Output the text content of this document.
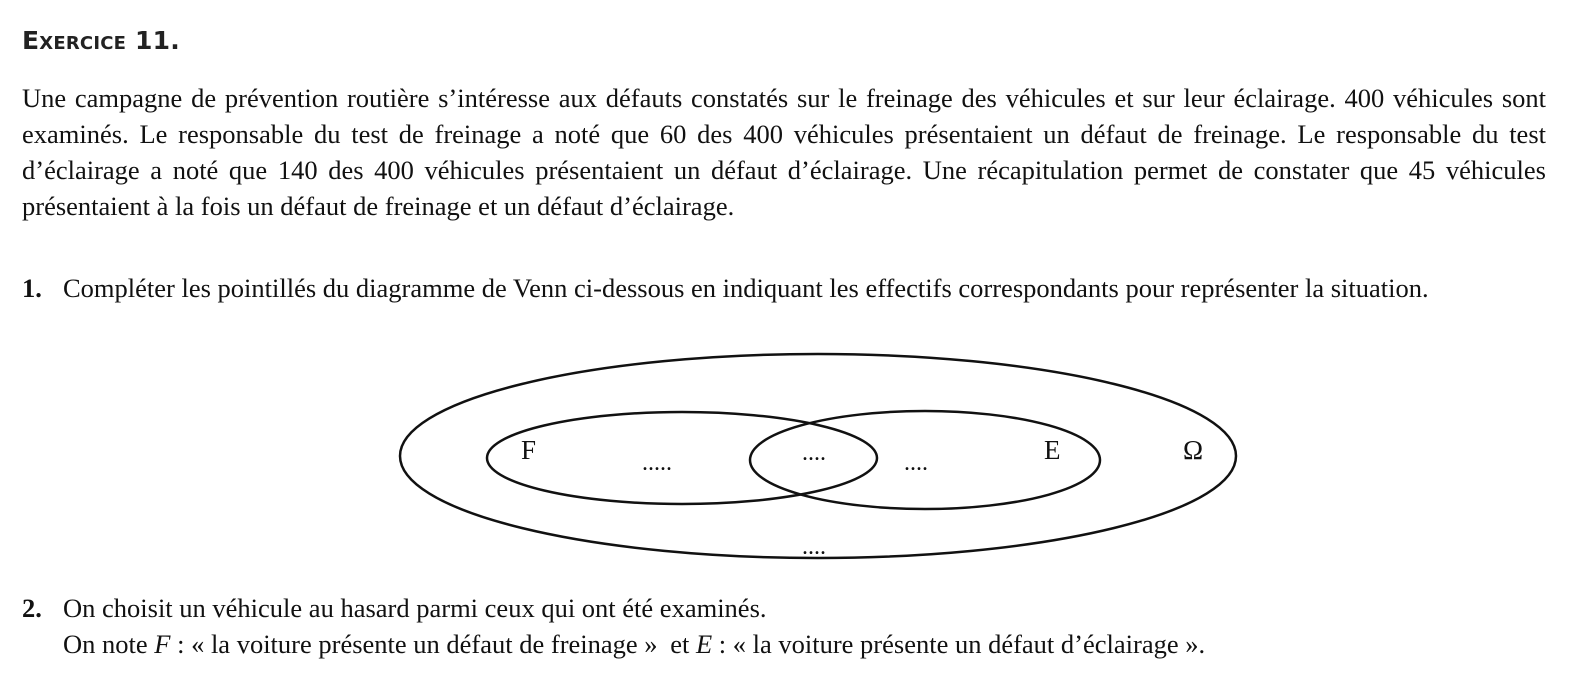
Exercice 11.

Une campagne de prévention routière s’intéresse aux défauts constatés sur le freinage des véhicules et sur leur éclairage. 400 véhicules sont examinés. Le responsable du test de freinage a noté que 60 des 400 véhicules présentaient un défaut de freinage. Le responsable du test d’éclairage a noté que 140 des 400 véhicules présentaient un défaut d’éclairage. Une récapitulation permet de constater que 45 véhicules présentaient à la fois un défaut de freinage et un défaut d’éclairage.

1. Compléter les pointillés du diagramme de Venn ci-dessous en indiquant les effectifs correspondants pour représenter la situation.
F	.....	....	....	E	Ω
....
2. On choisit un véhicule au hasard parmi ceux qui ont été examinés.
On note F : « la voiture présente un défaut de freinage » et E : « la voiture présente un défaut d’éclairage ».
